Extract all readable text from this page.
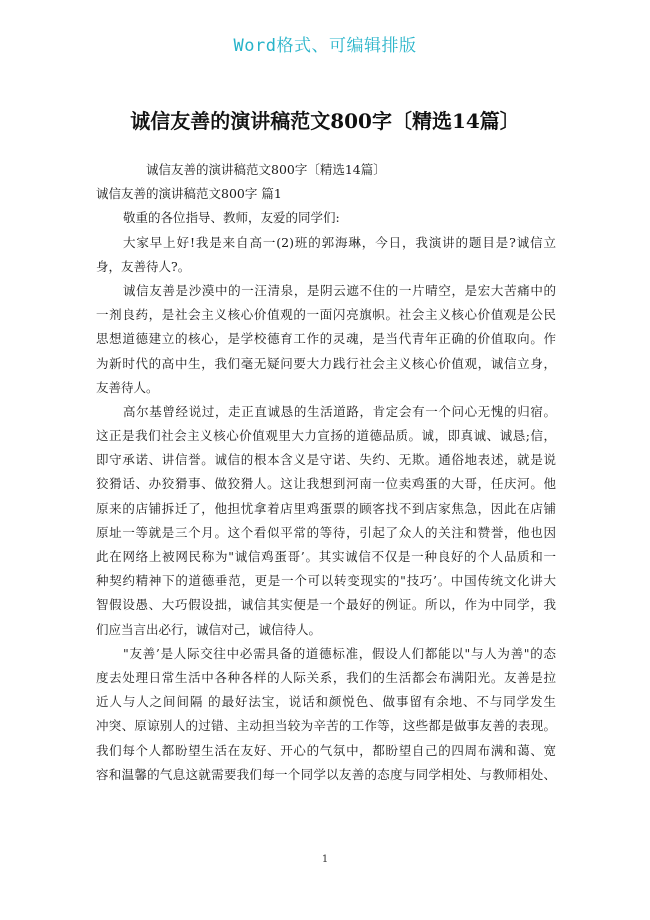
Word格式、可编辑排版
诚信友善的演讲稿范文800字〔精选14篇〕
诚信友善的演讲稿范文800字〔精选14篇〕
诚信友善的演讲稿范文800字 篇1
敬重的各位指导、教师，友爱的同学们:
大家早上好!我是来自高一(2)班的郭海琳，今日，我演讲的题目是?诚信立
身，友善待人?。
诚信友善是沙漠中的一汪清泉，是阴云遮不住的一片晴空，是宏大苦痛中的
一剂良药，是社会主义核心价值观的一面闪亮旗帜。社会主义核心价值观是公民
思想道德建立的核心，是学校德育工作的灵魂，是当代青年正确的价值取向。作
为新时代的高中生，我们毫无疑问要大力践行社会主义核心价值观，诚信立身，
友善待人。
高尔基曾经说过，走正直诚恳的生活道路，肯定会有一个问心无愧的归宿。
这正是我们社会主义核心价值观里大力宣扬的道德品质。诚，即真诚、诚恳;信，
即守承诺、讲信誉。诚信的根本含义是守诺、失约、无欺。通俗地表述，就是说
狡猾话、办狡猾事、做狡猾人。这让我想到河南一位卖鸡蛋的大哥，任庆河。他
原来的店铺拆迁了，他担忧拿着店里鸡蛋票的顾客找不到店家焦急，因此在店铺
原址一等就是三个月。这个看似平常的等待，引起了众人的关注和赞誉，他也因
此在网络上被网民称为"诚信鸡蛋哥’。其实诚信不仅是一种良好的个人品质和一
种契约精神下的道德垂范，更是一个可以转变现实的"技巧’。中国传统文化讲大
智假设愚、大巧假设拙，诚信其实便是一个最好的例证。所以，作为中同学，我
们应当言出必行，诚信对己，诚信待人。
"友善’是人际交往中必需具备的道德标准，假设人们都能以"与人为善"的态
度去处理日常生活中各种各样的人际关系，我们的生活都会布满阳光。友善是拉
近人与人之间间隔 的最好法宝，说话和颜悦色、做事留有余地、不与同学发生
冲突、原谅别人的过错、主动担当较为辛苦的工作等，这些都是做事友善的表现。
我们每个人都盼望生活在友好、开心的气氛中，都盼望自己的四周布满和蔼、宽
容和温馨的气息这就需要我们每一个同学以友善的态度与同学相处、与教师相处、
1
